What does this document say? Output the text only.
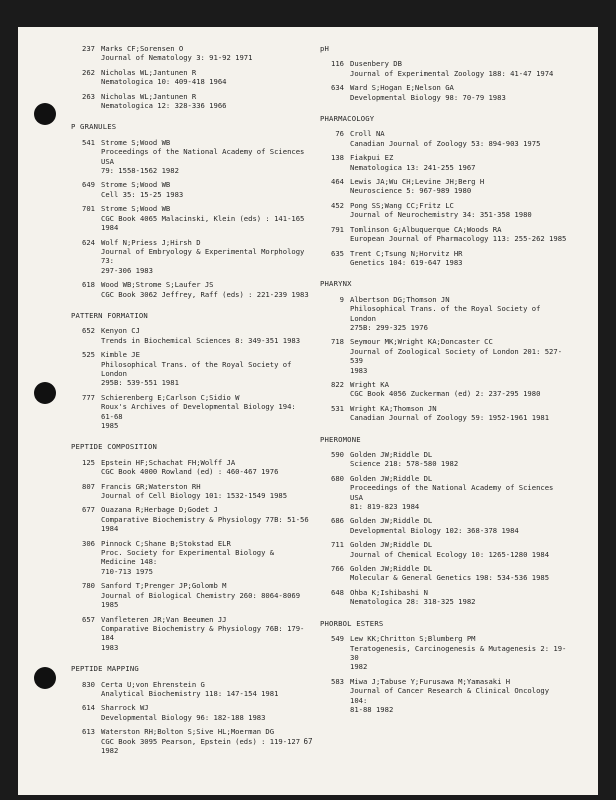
237 Marks CF;Sorensen O
Journal of Nematology 3: 91-92 1971
262 Nicholas WL;Jantunen R
Nematologica 10: 409-418 1964
263 Nicholas WL;Jantunen R
Nematologica 12: 328-336 1966
P GRANULES
541 Strome S;Wood WB
Proceedings of the National Academy of Sciences USA
79: 1558-1562 1982
649 Strome S;Wood WB
Cell 35: 15-25 1983
701 Strome S;Wood WB
CGC Book 4065 Malacinski, Klein (eds) : 141-165 1984
624 Wolf N;Priess J;Hirsh D
Journal of Embryology & Experimental Morphology 73:
297-306 1983
618 Wood WB;Strome S;Laufer JS
CGC Book 3062 Jeffrey, Raff (eds) : 221-239 1983
PATTERN FORMATION
652 Kenyon CJ
Trends in Biochemical Sciences 8: 349-351 1983
525 Kimble JE
Philosophical Trans. of the Royal Society of London
295B: 539-551 1981
777 Schierenberg E;Carlson C;Sidio W
Roux's Archives of Developmental Biology 194: 61-68
1985
PEPTIDE COMPOSITION
125 Epstein HF;Schachat FH;Wolff JA
CGC Book 4000 Rowland (ed) : 460-467 1976
807 Francis GR;Waterston RH
Journal of Cell Biology 101: 1532-1549 1985
677 Ouazana R;Herbage D;Godet J
Comparative Biochemistry & Physiology 77B: 51-56 1984
306 Pinnock C;Shane B;Stokstad ELR
Proc. Society for Experimental Biology & Medicine 148:
710-713 1975
780 Sanford T;Prenger JP;Golomb M
Journal of Biological Chemistry 260: 8064-8069 1985
657 Vanfleteren JR;Van Beeumen JJ
Comparative Biochemistry & Physiology 76B: 179-184
1983
PEPTIDE MAPPING
830 Certa U;von Ehrenstein G
Analytical Biochemistry 118: 147-154 1981
614 Sharrock WJ
Developmental Biology 96: 182-188 1983
613 Waterston RH;Bolton S;Sive HL;Moerman DG
CGC Book 3095 Pearson, Epstein (eds) : 119-127 1982
pH
116 Dusenbery DB
Journal of Experimental Zoology 188: 41-47 1974
634 Ward S;Hogan E;Nelson GA
Developmental Biology 98: 70-79 1983
PHARMACOLOGY
76 Croll NA
Canadian Journal of Zoology 53: 894-903 1975
138 Fiakpui EZ
Nematologica 13: 241-255 1967
464 Lewis JA;Wu CH;Levine JH;Berg H
Neuroscience 5: 967-989 1980
452 Pong SS;Wang CC;Fritz LC
Journal of Neurochemistry 34: 351-358 1980
791 Tomlinson G;Albuquerque CA;Woods RA
European Journal of Pharmacology 113: 255-262 1985
635 Trent C;Tsung N;Horvitz HR
Genetics 104: 619-647 1983
PHARYNX
9 Albertson DG;Thomson JN
Philosophical Trans. of the Royal Society of London
275B: 299-325 1976
718 Seymour MK;Wright KA;Doncaster CC
Journal of Zoological Society of London 201: 527-539
1983
822 Wright KA
CGC Book 4056 Zuckerman (ed) 2: 237-295 1980
531 Wright KA;Thomson JN
Canadian Journal of Zoology 59: 1952-1961 1981
PHEROMONE
590 Golden JW;Riddle DL
Science 218: 578-580 1982
680 Golden JW;Riddle DL
Proceedings of the National Academy of Sciences USA
81: 819-823 1984
686 Golden JW;Riddle DL
Developmental Biology 102: 368-378 1984
711 Golden JW;Riddle DL
Journal of Chemical Ecology 10: 1265-1280 1984
766 Golden JW;Riddle DL
Molecular & General Genetics 198: 534-536 1985
648 Ohba K;Ishibashi N
Nematologica 28: 318-325 1982
PHORBOL ESTERS
549 Lew KK;Chritton S;Blumberg PM
Teratogenesis, Carcinogenesis & Mutagenesis 2: 19-30
1982
583 Miwa J;Tabuse Y;Furusawa M;Yamasaki H
Journal of Cancer Research & Clinical Oncology 104:
81-88 1982
67
